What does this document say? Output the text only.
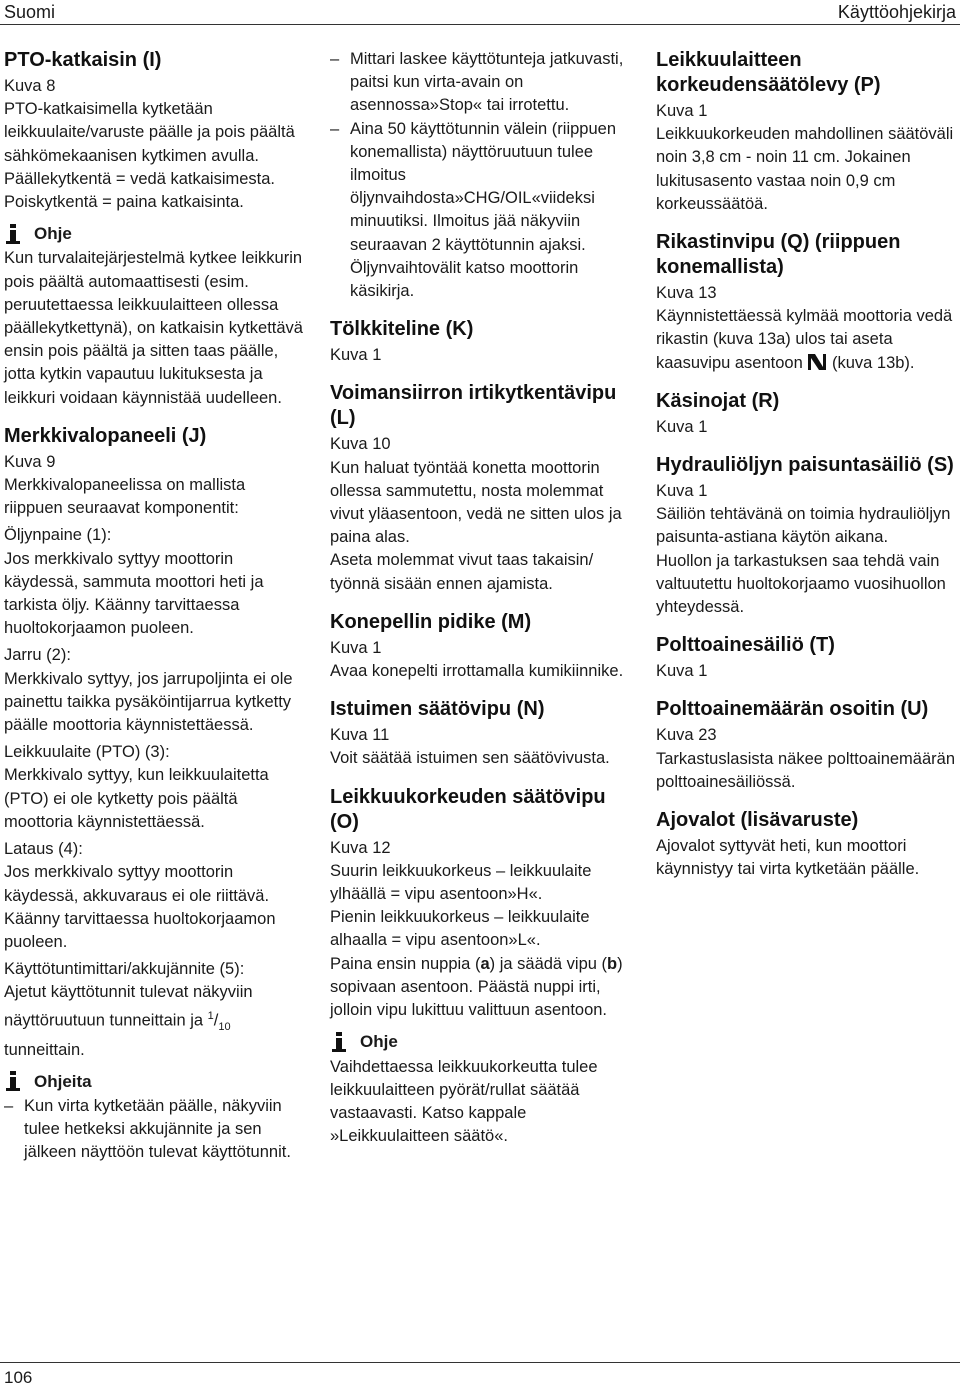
Suomi	Käyttöohjekirja
PTO-katkaisin (I)

Kuva 8

PTO-katkaisimella kytketään leikkuulaite/varuste päälle ja pois päältä sähkömekaanisen kytkimen avulla.

Päällekytkentä = vedä katkaisimesta.

Poiskytkentä = paina katkaisinta.

Ohje

Kun turvalaitejärjestelmä kytkee leikkurin pois päältä automaattisesti (esim. peruutettaessa leikkuulaitteen ollessa päällekytkettynä), on katkaisin kytkettävä ensin pois päältä ja sitten taas päälle, jotta kytkin vapautuu lukituksesta ja leikkuri voidaan käynnistää uudelleen.

Merkkivalopaneeli (J)

Kuva 9

Merkkivalopaneelissa on mallista riippuen seuraavat komponentit:

Öljynpaine (1):

Jos merkkivalo syttyy moottorin käydessä, sammuta moottori heti ja tarkista öljy. Käänny tarvittaessa huoltokorjaamon puoleen.

Jarru (2):

Merkkivalo syttyy, jos jarrupoljinta ei ole painettu taikka pysäköintijarrua kytketty päälle moottoria käynnistettäessä.

Leikkuulaite (PTO) (3):

Merkkivalo syttyy, kun leikkuulaitetta (PTO) ei ole kytketty pois päältä moottoria käynnistettäessä.

Lataus (4):

Jos merkkivalo syttyy moottorin käydessä, akkuvaraus ei ole riittävä. Käänny tarvittaessa huoltokorjaamon puoleen.

Käyttötuntimittari/akkujännite (5):

Ajetut käyttötunnit tulevat näkyviin näyttöruutuun tunneittain ja $^1/_{10}$ tunneittain.

Ohjeita

– Kun virta kytketään päälle, näkyviin tulee hetkeksi akkujännite ja sen jälkeen näyttöön tulevat käyttötunnit.

– Mittari laskee käyttötunteja jatkuvasti, paitsi kun virta-avain on asennossa»Stop« tai irrotettu.

– Aina 50 käyttötunnin välein (riippuen konemallista) näyttöruutuun tulee ilmoitus öljynvaihdosta»CHG/OIL«viideksi minuutiksi. Ilmoitus jää näkyviin seuraavan 2 käyttötunnin ajaksi. Öljynvaihtovälit katso moottorin käsikirja.

Tölkkiteline (K)

Kuva 1

Voimansiirron irtikytkentävipu (L)

Kuva 10

Kun haluat työntää konetta moottorin ollessa sammutettu, nosta molemmat vivut yläasentoon, vedä ne sitten ulos ja paina alas.

Aseta molemmat vivut taas takaisin/ työnnä sisään ennen ajamista.

Konepellin pidike (M)

Kuva 1

Avaa konepelti irrottamalla kumikiinnike.

Istuimen säätövipu (N)

Kuva 11

Voit säätää istuimen sen säätövivusta.

Leikkuukorkeuden säätövipu (O)

Kuva 12

Suurin leikkuukorkeus – leikkuulaite ylhäällä = vipu asentoon»H«.

Pienin leikkuukorkeus – leikkuulaite alhaalla = vipu asentoon»L«.

Paina ensin nuppia (a) ja säädä vipu (b) sopivaan asentoon. Päästä nuppi irti, jolloin vipu lukittuu valittuun asentoon.

Ohje

Vaihdettaessa leikkuukorkeutta tulee leikkuulaitteen pyörät/rullat säätää vastaavasti. Katso kappale »Leikkuulaitteen säätö«.

Leikkuulaitteen korkeudensäätölevy (P)

Kuva 1

Leikkuukorkeuden mahdollinen säätöväli noin 3,8 cm - noin 11 cm. Jokainen lukitusasento vastaa noin 0,9 cm korkeussäätöä.

Rikastinvipu (Q) (riippuen konemallista)

Kuva 13

Käynnistettäessä kylmää moottoria vedä rikastin (kuva 13a) ulos tai aseta kaasuvipu asentoon (kuva 13b).

Käsinojat (R)

Kuva 1

Hydrauliöljyn paisuntasäiliö (S)

Kuva 1

Säiliön tehtävänä on toimia hydrauliöljyn paisunta-astiana käytön aikana.

Huollon ja tarkastuksen saa tehdä vain valtuutettu huoltokorjaamo vuosihuollon yhteydessä.

Polttoainesäiliö (T)

Kuva 1

Polttoainemäärän osoitin (U)

Kuva 23

Tarkastuslasista näkee polttoainemäärän polttoainesäiliössä.

Ajovalot (lisävaruste)

Ajovalot syttyvät heti, kun moottori käynnistyy tai virta kytketään päälle.

106
